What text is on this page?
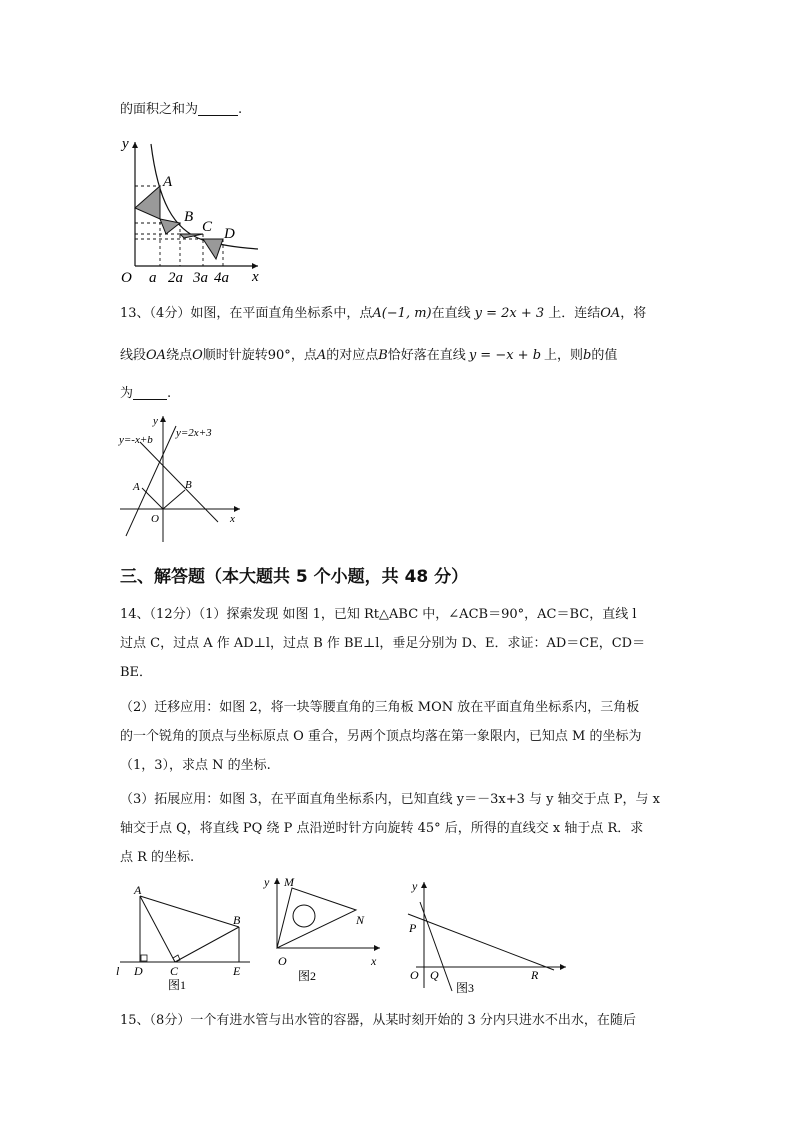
的面积之和为	.
y
x
O a 2a 3a 4a
A
B
C D
13、（4分）如图，在平面直角坐标系中，点A(−1, m)在直线 y = 2x + 3 上．连结OA，将
线段OA绕点O顺时针旋转90°，点A的对应点B恰好落在直线 y = −x + b 上，则b的值
为	.
A	B
O	x
y
y=-x+b
y=2x+3
三、解答题（本大题共 5 个小题，共 48 分）
14、（12分）（1）探索发现 如图 1，已知 Rt△ABC 中，∠ACB＝90°，AC＝BC，直线 l
过点 C，过点 A 作 AD⊥l，过点 B 作 BE⊥l，垂足分别为 D、E．求证：AD＝CE，CD＝
BE．
（2）迁移应用：如图 2，将一块等腰直角的三角板 MON 放在平面直角坐标系内，三角板
的一个锐角的顶点与坐标原点 O 重合，另两个顶点均落在第一象限内，已知点 M 的坐标为
（1，3），求点 N 的坐标.
（3）拓展应用：如图 3，在平面直角坐标系内，已知直线 y＝－3x+3 与 y 轴交于点 P，与 x
轴交于点 Q，将直线 PQ 绕 P 点沿逆时针方向旋转 45° 后，所得的直线交 x 轴于点 R．求
点 R 的坐标.
A
B
l D C	E
图1
y M
N
O	x
图2
y
P
O Q	R
图3
15、（8分）一个有进水管与出水管的容器，从某时刻开始的 3 分内只进水不出水，在随后
